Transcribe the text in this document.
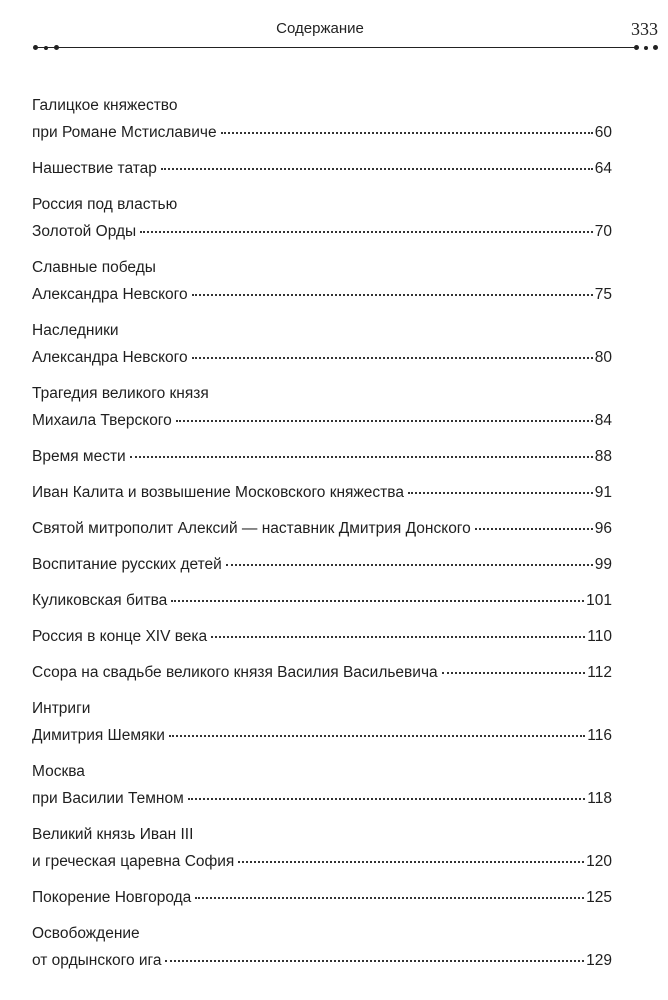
Содержание	333
Галицкое княжество
при Романе Мстиславиче	60
Нашествие татар	64
Россия под властью
Золотой Орды	70
Славные победы
Александра Невского	75
Наследники
Александра Невского	80
Трагедия великого князя
Михаила Тверского	84
Время мести	88
Иван Калита и возвышение Московского княжества	91
Святой митрополит Алексий — наставник Дмитрия Донского	96
Воспитание русских детей	99
Куликовская битва	101
Россия в конце XIV века	110
Ссора на свадьбе великого князя Василия Васильевича	112
Интриги
Димитрия Шемяки	116
Москва
при Василии Темном	118
Великий князь Иван III
и греческая царевна София	120
Покорение Новгорода	125
Освобождение
от ордынского ига	129
